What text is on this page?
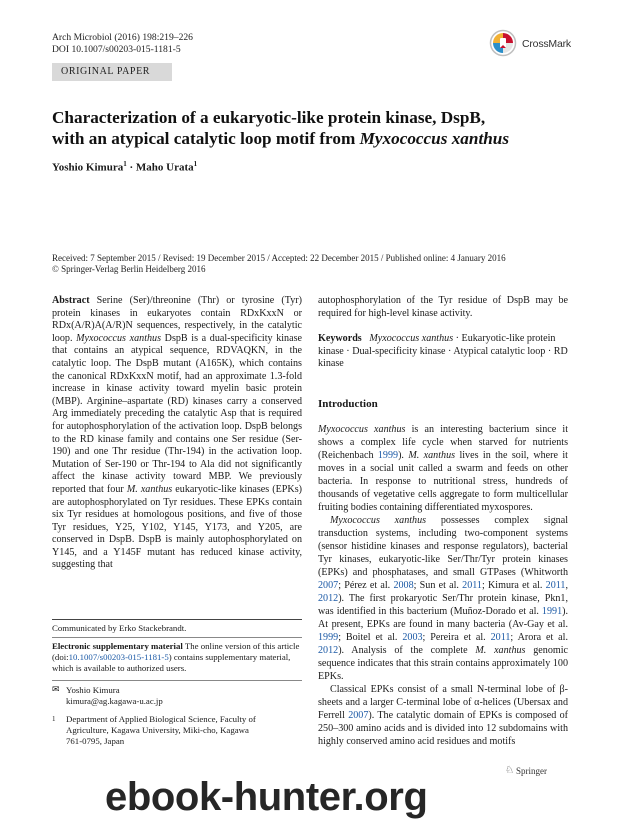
Arch Microbiol (2016) 198:219–226
DOI 10.1007/s00203-015-1181-5	CrossMark
ORIGINAL PAPER
Characterization of a eukaryotic-like protein kinase, DspB,
with an atypical catalytic loop motif from Myxococcus xanthus
Yoshio Kimura$^1$ · Maho Urata$^1$
Received: 7 September 2015 / Revised: 19 December 2015 / Accepted: 22 December 2015 / Published online: 4 January 2016
© Springer-Verlag Berlin Heidelberg 2016

Abstract Serine (Ser)/threonine (Thr) or tyrosine (Tyr) protein kinases in eukaryotes contain RDxKxxN or RDx(A/R)A(A/R)N sequences, respectively, in the catalytic loop. Myxococcus xanthus DspB is a dual-specificity kinase that contains an atypical sequence, RDVAQKN, in the catalytic loop. The DspB mutant (A165K), which contains the canonical RDxKxxN motif, had an approximate 1.3-fold increase in kinase activity toward myelin basic protein (MBP). Arginine–aspartate (RD) kinases carry a conserved Arg immediately preceding the catalytic Asp that is required for autophosphorylation of the activation loop. DspB belongs to the RD kinase family and contains one Ser residue (Ser-190) and one Thr residue (Thr-194) in the activation loop. Mutation of Ser-190 or Thr-194 to Ala did not significantly affect the kinase activity toward MBP. We previously reported that four M. xanthus eukaryotic-like kinases (EPKs) are autophosphorylated on Tyr residues. These EPKs contain six Tyr residues at homologous positions, and five of those Tyr residues, Y25, Y102, Y145, Y173, and Y205, are conserved in DspB. DspB is mainly autophosphorylated on Y145, and a Y145F mutant has reduced kinase activity, suggesting that

Communicated by Erko Stackebrandt.
Electronic supplementary material The online version of this article (doi:10.1007/s00203-015-1181-5) contains supplementary material, which is available to authorized users.
✉ Yoshio Kimura
kimura@ag.kagawa-u.ac.jp
1	Department of Applied Biological Science, Faculty of Agriculture, Kagawa University, Miki-cho, Kagawa 761-0795, Japan

autophosphorylation of the Tyr residue of DspB may be required for high-level kinase activity.

Keywords Myxococcus xanthus · Eukaryotic-like protein kinase · Dual-specificity kinase · Atypical catalytic loop · RD kinase
Introduction

Myxococcus xanthus is an interesting bacterium since it shows a complex life cycle when starved for nutrients (Reichenbach 1999). M. xanthus lives in the soil, where it moves in a social unit called a swarm and feeds on other bacteria. In response to nutritional stress, hundreds of thousands of vegetative cells aggregate to form multicellular fruiting bodies containing differentiated myxospores.

Myxococcus xanthus possesses complex signal transduction systems, including two-component systems (sensor histidine kinases and response regulators), bacterial Tyr kinases, eukaryotic-like Ser/Thr/Tyr protein kinases (EPKs) and phosphatases, and small GTPases (Whitworth 2007; Pérez et al. 2008; Sun et al. 2011; Kimura et al. 2011, 2012). The first prokaryotic Ser/Thr protein kinase, Pkn1, was identified in this bacterium (Muñoz-Dorado et al. 1991). At present, EPKs are found in many bacteria (Av-Gay et al. 1999; Boitel et al. 2003; Pereira et al. 2011; Arora et al. 2012). Analysis of the complete M. xanthus genomic sequence indicates that this strain contains approximately 100 EPKs.

Classical EPKs consist of a small N-terminal lobe of β-sheets and a larger C-terminal lobe of α-helices (Ubersax and Ferrell 2007). The catalytic domain of EPKs is composed of 250–300 amino acids and is divided into 12 subdomains with highly conserved amino acid residues and motifs

♘ Springer
ebook-hunter.org
